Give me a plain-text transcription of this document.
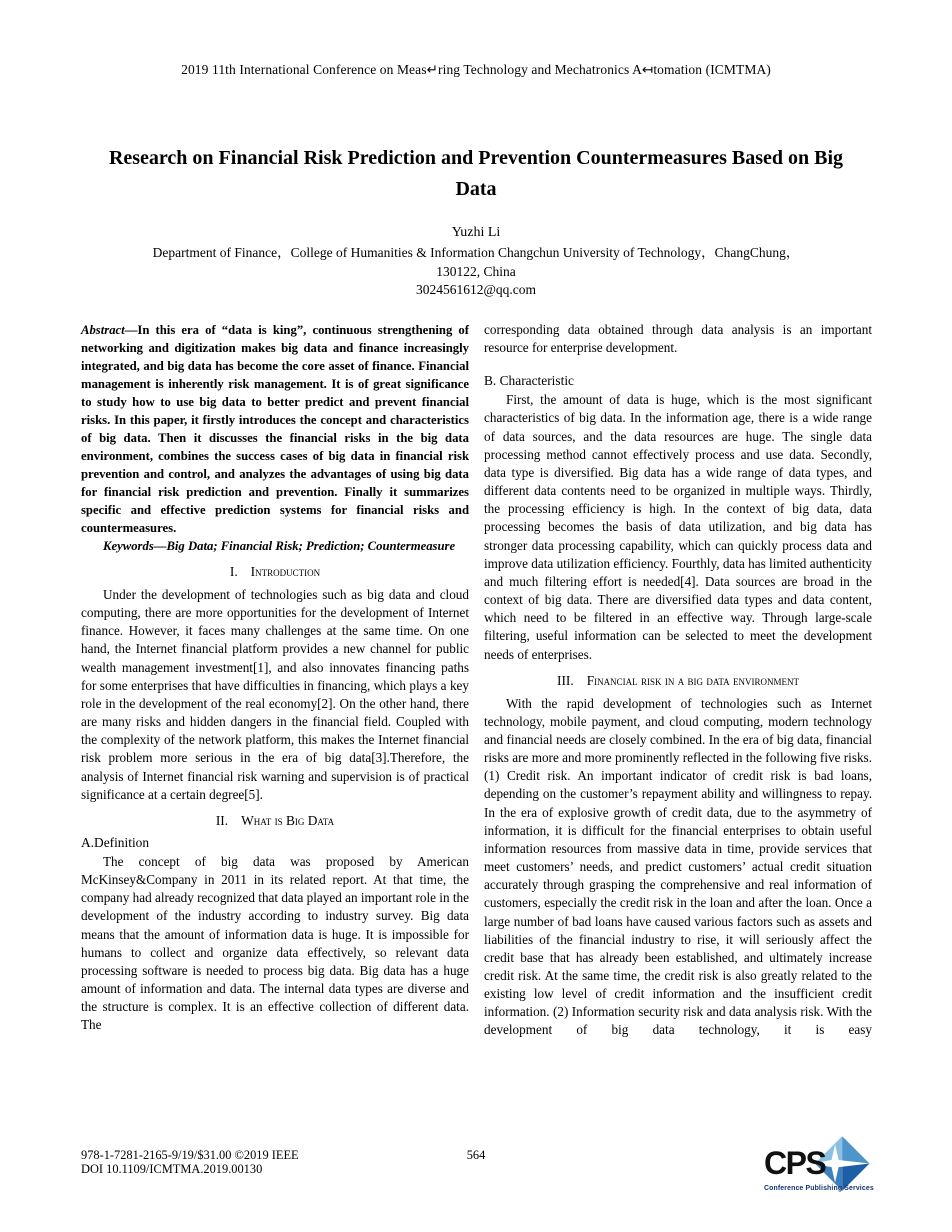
2019 11th International Conference on Meas↵ring Technology and Mechatronics A↤tomation (ICMTMA)
Research on Financial Risk Prediction and Prevention Countermeasures Based on Big Data
Yuzhi Li
Department of Finance，College of Humanities & Information Changchun University of Technology，ChangChung，
130122, China
3024561612@qq.com

Abstract—In this era of “data is king”, continuous strengthening of networking and digitization makes big data and finance increasingly integrated, and big data has become the core asset of finance. Financial management is inherently risk management. It is of great significance to study how to use big data to better predict and prevent financial risks. In this paper, it firstly introduces the concept and characteristics of big data. Then it discusses the financial risks in the big data environment, combines the success cases of big data in financial risk prevention and control, and analyzes the advantages of using big data for financial risk prediction and prevention. Finally it summarizes specific and effective prediction systems for financial risks and countermeasures.

Keywords—Big Data; Financial Risk; Prediction; Countermeasure

I. Introduction

Under the development of technologies such as big data and cloud computing, there are more opportunities for the development of Internet finance. However, it faces many challenges at the same time. On one hand, the Internet financial platform provides a new channel for public wealth management investment[1], and also innovates financing paths for some enterprises that have difficulties in financing, which plays a key role in the development of the real economy[2]. On the other hand, there are many risks and hidden dangers in the financial field. Coupled with the complexity of the network platform, this makes the Internet financial risk problem more serious in the era of big data[3].Therefore, the analysis of Internet financial risk warning and supervision is of practical significance at a certain degree[5].

II. What is Big Data
A.Definition

The concept of big data was proposed by American McKinsey&Company in 2011 in its related report. At that time, the company had already recognized that data played an important role in the development of the industry according to industry survey. Big data means that the amount of information data is huge. It is impossible for humans to collect and organize data effectively, so relevant data processing software is needed to process big data. Big data has a huge amount of information and data. The internal data types are diverse and the structure is complex. It is an effective collection of different data. The

corresponding data obtained through data analysis is an important resource for enterprise development.

B. Characteristic

First, the amount of data is huge, which is the most significant characteristics of big data. In the information age, there is a wide range of data sources, and the data resources are huge. The single data processing method cannot effectively process and use data. Secondly, data type is diversified. Big data has a wide range of data types, and different data contents need to be organized in multiple ways. Thirdly, the processing efficiency is high. In the context of big data, data processing becomes the basis of data utilization, and big data has stronger data processing capability, which can quickly process data and improve data utilization efficiency. Fourthly, data has limited authenticity and much filtering effort is needed[4]. Data sources are broad in the context of big data. There are diversified data types and data content, which need to be filtered in an effective way. Through large-scale filtering, useful information can be selected to meet the development needs of enterprises.

III. Financial risk in a big data environment

With the rapid development of technologies such as Internet technology, mobile payment, and cloud computing, modern technology and financial needs are closely combined. In the era of big data, financial risks are more and more prominently reflected in the following five risks. (1) Credit risk. An important indicator of credit risk is bad loans, depending on the customer’s repayment ability and willingness to repay. In the era of explosive growth of credit data, due to the asymmetry of information, it is difficult for the financial enterprises to obtain useful information resources from massive data in time, provide services that meet customers’ needs, and predict customers’ actual credit situation accurately through grasping the comprehensive and real information of customers, especially the credit risk in the loan and after the loan. Once a large number of bad loans have caused various factors such as assets and liabilities of the financial industry to rise, it will seriously affect the credit base that has already been established, and ultimately increase credit risk. At the same time, the credit risk is also greatly related to the existing low level of credit information and the insufficient credit information. (2) Information security risk and data analysis risk. With the development of big data technology, it is easy

978-1-7281-2165-9/19/$31.00 ©2019 IEEE
DOI 10.1109/ICMTMA.2019.00130
564	CPS
Conference Publishing Services
